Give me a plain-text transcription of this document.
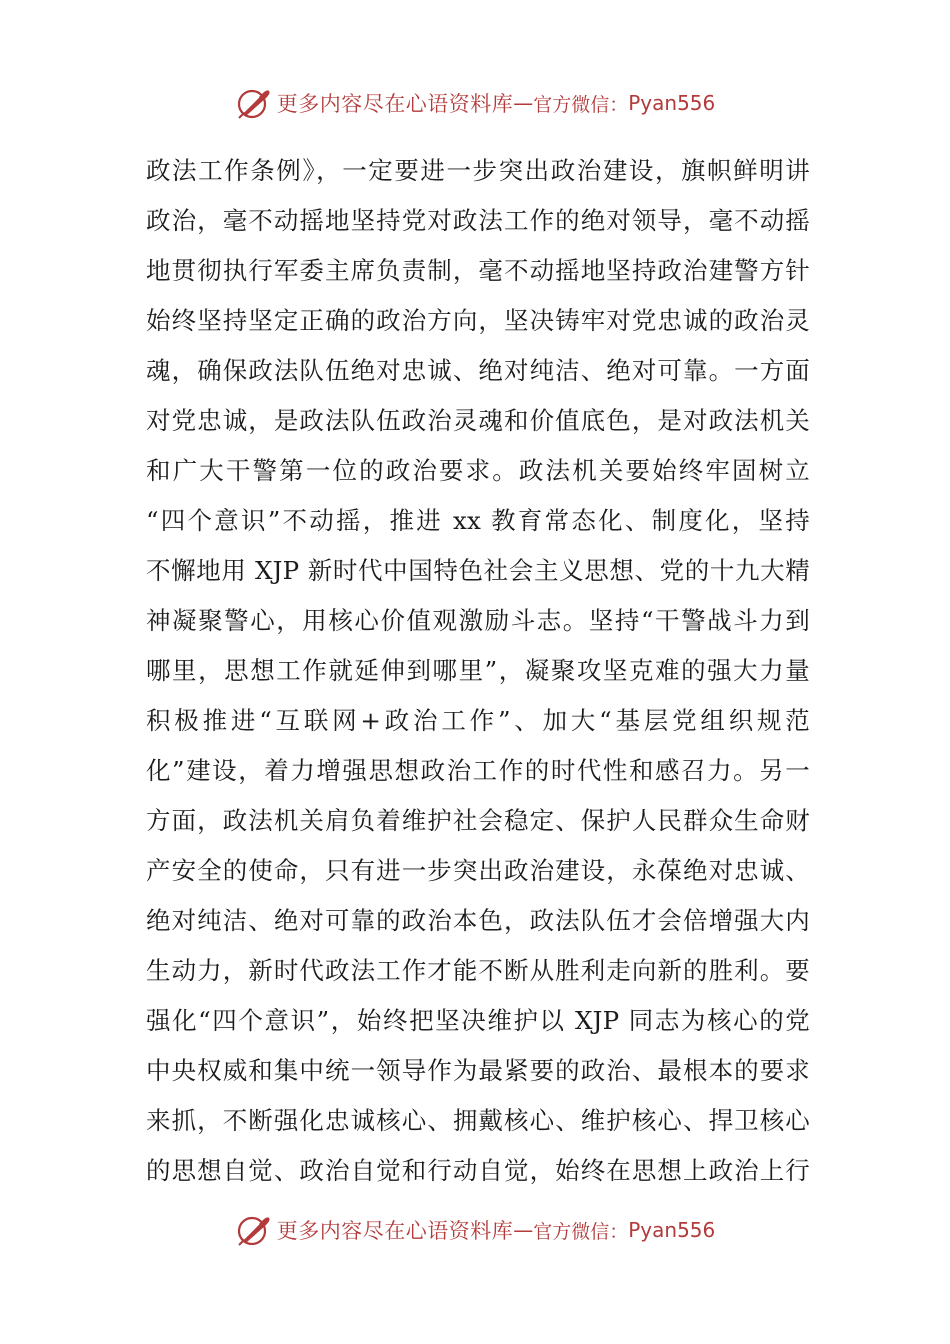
更多内容尽在心语资料库 — 官方微信： Pyan556
政法工作条例》，一定要进一步突出政治建设，旗帜鲜明讲
政治，毫不动摇地坚持党对政法工作的绝对领导，毫不动摇
地贯彻执行军委主席负责制，毫不动摇地坚持政治建警方针
始终坚持坚定正确的政治方向，坚决铸牢对党忠诚的政治灵
魂，确保政法队伍绝对忠诚、绝对纯洁、绝对可靠。一方面
对党忠诚，是政法队伍政治灵魂和价值底色，是对政法机关
和广大干警第一位的政治要求。政法机关要始终牢固树立
“四个意识”不动摇，推进 xx 教育常态化、制度化，坚持
不懈地用 XJP 新时代中国特色社会主义思想、党的十九大精
神凝聚警心，用核心价值观激励斗志。坚持“干警战斗力到
哪里，思想工作就延伸到哪里”，凝聚攻坚克难的强大力量
积极推进“互联网+政治工作”、加大“基层党组织规范
化”建设，着力增强思想政治工作的时代性和感召力。另一
方面，政法机关肩负着维护社会稳定、保护人民群众生命财
产安全的使命，只有进一步突出政治建设，永葆绝对忠诚、
绝对纯洁、绝对可靠的政治本色，政法队伍才会倍增强大内
生动力，新时代政法工作才能不断从胜利走向新的胜利。要
强化“四个意识”，始终把坚决维护以 XJP 同志为核心的党
中央权威和集中统一领导作为最紧要的政治、最根本的要求
来抓，不断强化忠诚核心、拥戴核心、维护核心、捍卫核心
的思想自觉、政治自觉和行动自觉，始终在思想上政治上行
更多内容尽在心语资料库 — 官方微信： Pyan556
